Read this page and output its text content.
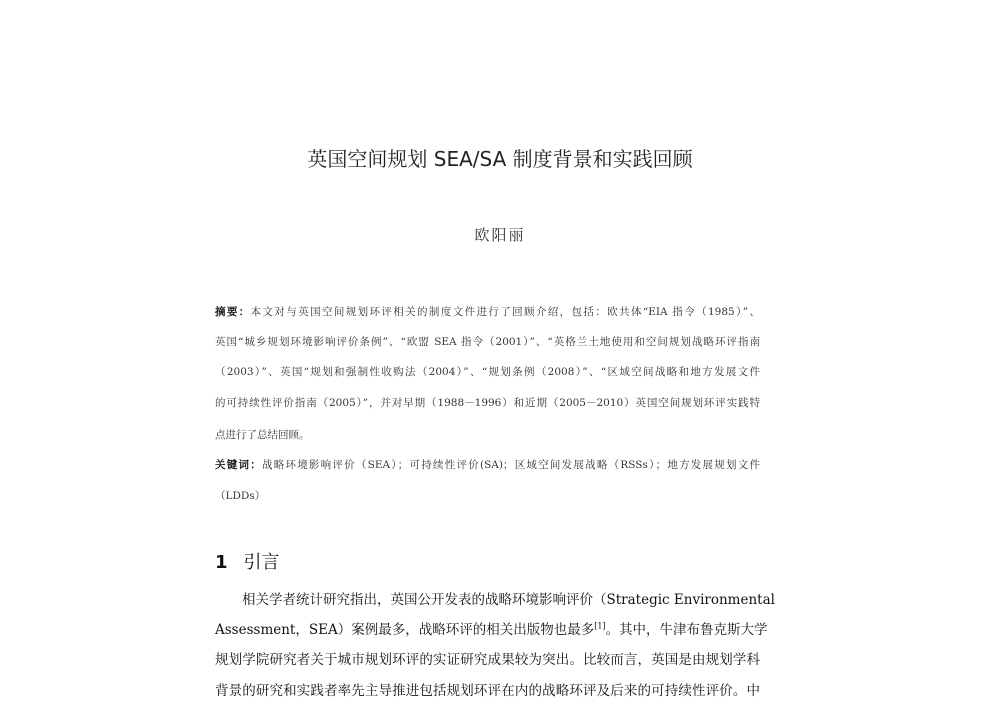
英国空间规划 SEA/SA 制度背景和实践回顾
欧阳丽
摘要：本文对与英国空间规划环评相关的制度文件进行了回顾介绍，包括：欧共体“EIA 指令（1985）”、
英国“城乡规划环境影响评价条例”、“欧盟 SEA 指令（2001）”、“英格兰土地使用和空间规划战略环评指南
（2003）”、英国“规划和强制性收购法（2004）”、“规划条例（2008）”、“区域空间战略和地方发展文件
的可持续性评价指南（2005）”，并对早期（1988－1996）和近期（2005－2010）英国空间规划环评实践特
点进行了总结回顾。
关键词：战略环境影响评价（SEA）；可持续性评价(SA)；区域空间发展战略（RSSs）；地方发展规划文件
（LDDs）
1 引言
　　相关学者统计研究指出，英国公开发表的战略环境影响评价（Strategic Environmental
Assessment，SEA）案例最多，战略环评的相关出版物也最多[1]。其中，牛津布鲁克斯大学
规划学院研究者关于城市规划环评的实证研究成果较为突出。比较而言，英国是由规划学科
背景的研究和实践者率先主导推进包括规划环评在内的战略环评及后来的可持续性评价。中
